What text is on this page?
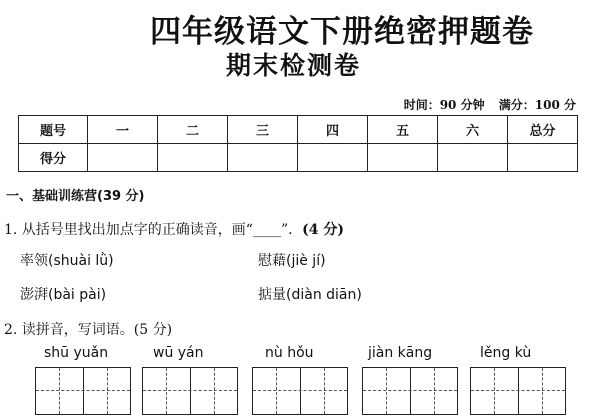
四年级语文下册绝密押题卷
期末检测卷
时间：90 分钟 满分：100 分
题号	一	二	三	四	五	六	总分
得分							
一、基础训练营(39 分)
1. 从括号里找出加点字的正确读音，画“____”．(4 分)
率领(shuài lǜ)	慰藉(jiè jí)
澎湃(bài pài)	掂量(diàn diān)
2. 读拼音，写词语。(5 分)
shū yuǎn	wū yán	nù hǒu	jiàn kāng	lěng kù
